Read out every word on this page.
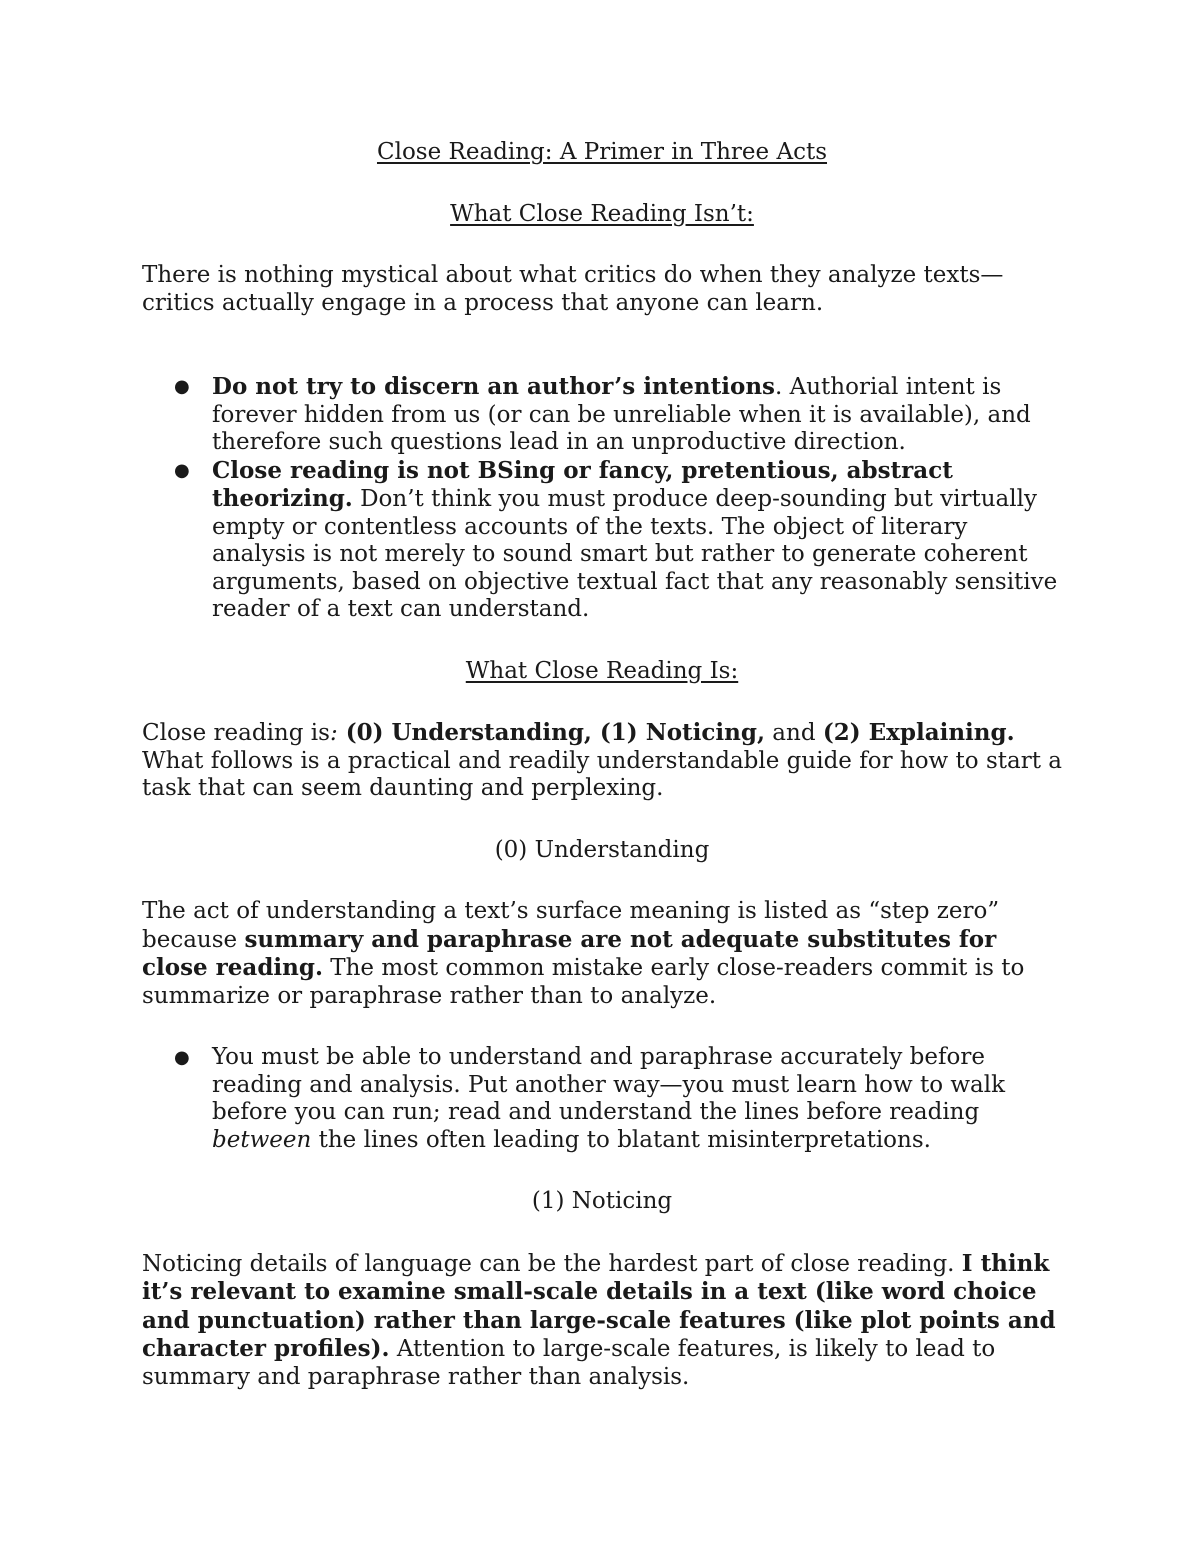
Close Reading: A Primer in Three Acts

What Close Reading Isn’t:

There is nothing mystical about what critics do when they analyze texts—critics actually engage in a process that anyone can learn.

● Do not try to discern an author’s intentions. Authorial intent is forever hidden from us (or can be unreliable when it is available), and therefore such questions lead in an unproductive direction.
● Close reading is not BSing or fancy, pretentious, abstract theorizing. Don’t think you must produce deep-sounding but virtually empty or contentless accounts of the texts. The object of literary analysis is not merely to sound smart but rather to generate coherent arguments, based on objective textual fact that any reasonably sensitive reader of a text can understand.

What Close Reading Is:

Close reading is: (0) Understanding, (1) Noticing, and (2) Explaining. What follows is a practical and readily understandable guide for how to start a task that can seem daunting and perplexing.

(0) Understanding

The act of understanding a text’s surface meaning is listed as “step zero” because summary and paraphrase are not adequate substitutes for close reading. The most common mistake early close-readers commit is to summarize or paraphrase rather than to analyze.

● You must be able to understand and paraphrase accurately before reading and analysis. Put another way—you must learn how to walk before you can run; read and understand the lines before reading between the lines often leading to blatant misinterpretations.

(1) Noticing

Noticing details of language can be the hardest part of close reading. I think it’s relevant to examine small-scale details in a text (like word choice and punctuation) rather than large-scale features (like plot points and character profiles). Attention to large-scale features, is likely to lead to summary and paraphrase rather than analysis.
